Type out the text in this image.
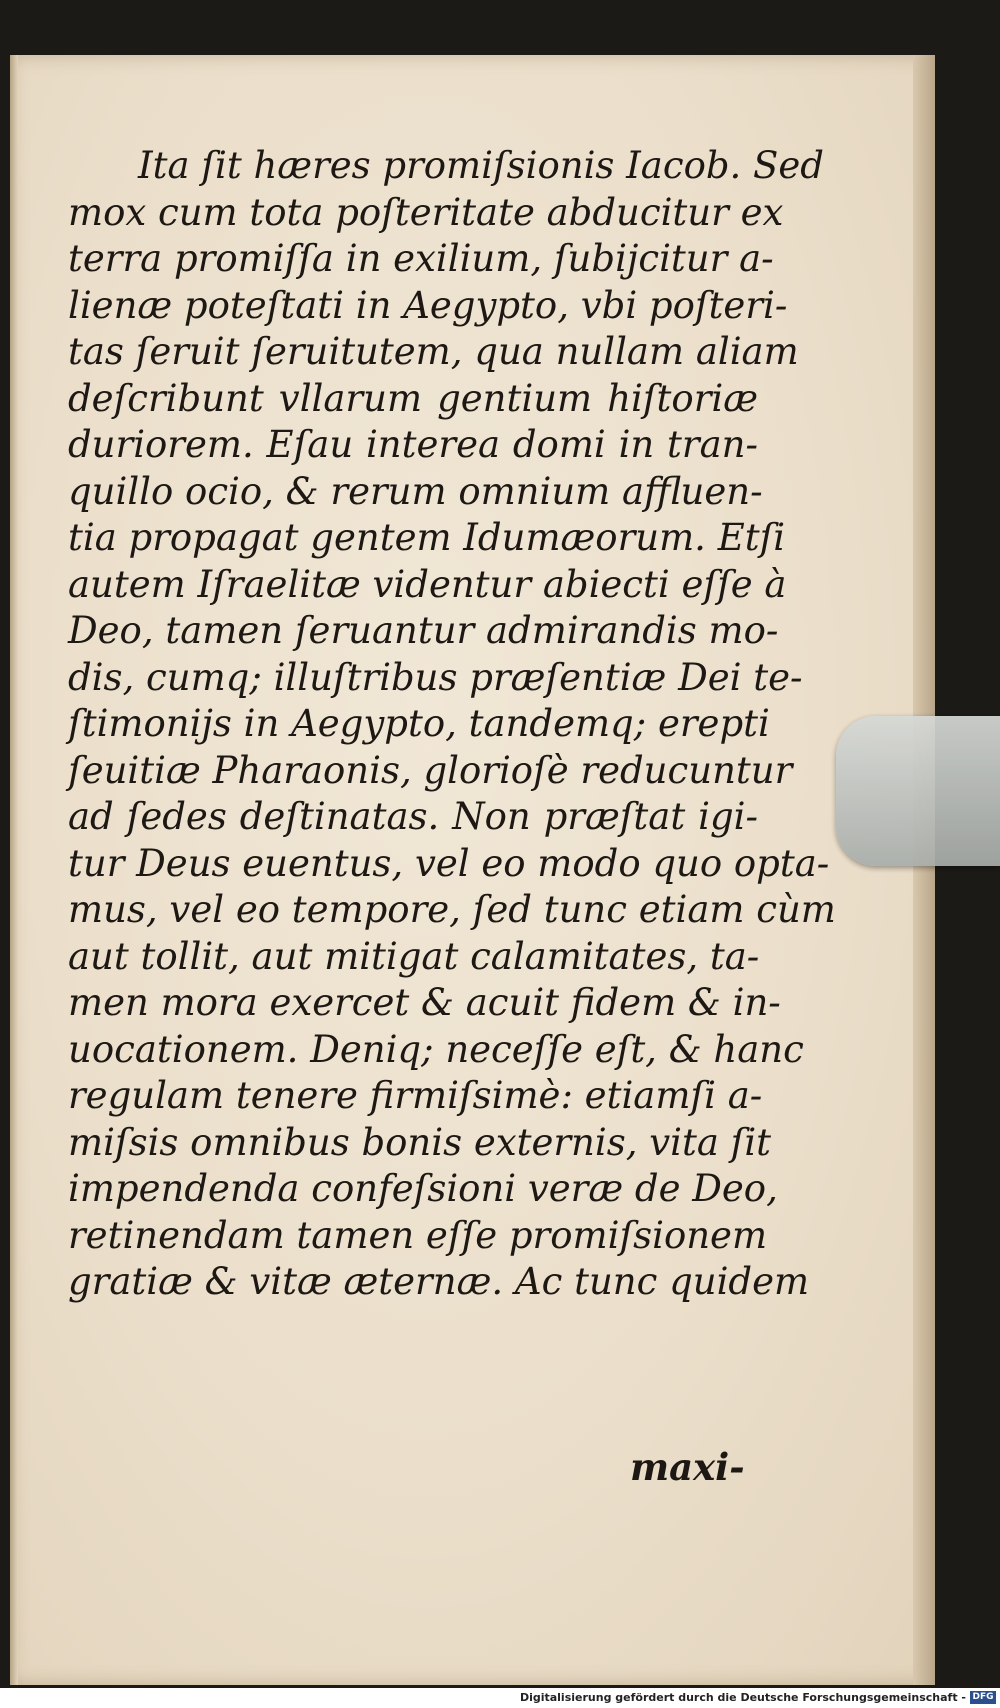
Ita ſit hæres promiſsionis Iacob. Sed
mox cum tota poſteritate abducitur ex
terra promiſſa in exilium, ſubijcitur a-
lienæ poteſtati in Aegypto, vbi poſteri-
tas ſeruit ſeruitutem, qua nullam aliam
deſcribunt vllarum gentium hiſtoriæ
duriorem. Eſau interea domi in tran-
quillo ocio, & rerum omnium affluen-
tia propagat gentem Idumæorum. Etſi
autem Iſraelitæ videntur abiecti eſſe à
Deo, tamen ſeruantur admirandis mo-
dis, cumq; illuſtribus præſentiæ Dei te-
ſtimonijs in Aegypto, tandemq; erepti
ſeuitiæ Pharaonis, glorioſè reducuntur
ad ſedes deſtinatas. Non præſtat igi-
tur Deus euentus, vel eo modo quo opta-
mus, vel eo tempore, ſed tunc etiam cùm
aut tollit, aut mitigat calamitates, ta-
men mora exercet & acuit fidem & in-
uocationem. Deniq; neceſſe eſt, & hanc
regulam tenere firmiſsimè: etiamſi a-
miſsis omnibus bonis externis, vita ſit
impendenda confeſsioni veræ de Deo,
retinendam tamen eſſe promiſsionem
gratiæ & vitæ æternæ. Ac tunc quidem
maxi-
Digitalisierung gefördert durch die Deutsche Forschungsgemeinschaft - DFG
